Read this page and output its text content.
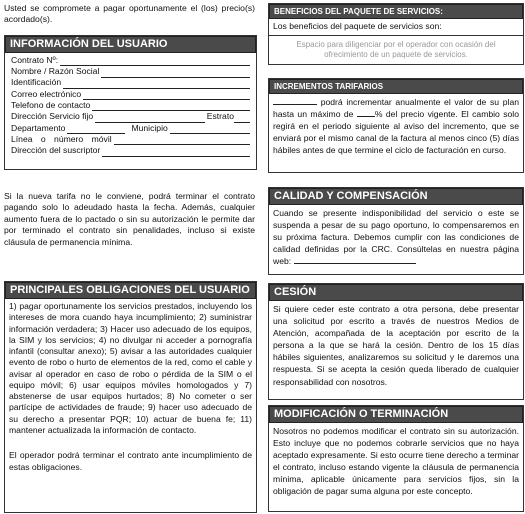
Usted se compromete a pagar oportunamente el (los) precio(s) acordado(s).
INFORMACIÓN DEL USUARIO
Contrato Nº:
Nombre / Razón Social
Identificación
Correo electrónico
Telefono de contacto
Dirección Servicio fijo	Estrato
Departamento	Municipio
Línea o número móvil
Dirección del suscriptor
Si la nueva tarifa no le conviene, podrá terminar el contrato pagando solo lo adeudado hasta la fecha. Además, cualquier aumento fuera de lo pactado o sin su autorización le permite dar por terminado el contrato sin penalidades, incluso si existe cláusula de permanencia mínima.
PRINCIPALES OBLIGACIONES DEL USUARIO
1) pagar oportunamente los servicios prestados, incluyendo los intereses de mora cuando haya incumplimiento; 2) suministrar información verdadera; 3) Hacer uso adecuado de los equipos, la SIM y los servicios; 4) no divulgar ni acceder a pornografía infantil (consultar anexo); 5) avisar a las autoridades cualquier evento de robo o hurto de elementos de la red, como el cable y avisar al operador en caso de robo o pérdida de la SIM o el equipo móvil; 6) usar equipos móviles homologados y 7) abstenerse de usar equipos hurtados; 8) No cometer o ser partícipe de actividades de fraude; 9) hacer uso adecuado de su derecho a presentar PQR; 10) actuar de buena fe; 11) mantener actualizada la información de contacto.
El operador podrá terminar el contrato ante incumplimiento de estas obligaciones.
BENEFICIOS DEL PAQUETE DE SERVICIOS:
Los beneficios del paquete de servicios son:
Espacio para diligenciar por el operador con ocasión del ofrecimiento de un paquete de servicios.
INCREMENTOS TARIFARIOS
podrá incrementar anualmente el valor de su plan hasta un máximo de % del precio vigente. El cambio solo regirá en el periodo siguiente al aviso del incremento, que se enviará por el mismo canal de la factura al menos cinco (5) días hábiles antes de que termine el ciclo de facturación en curso.
CALIDAD Y COMPENSACIÓN
Cuando se presente indisponibilidad del servicio o este se suspenda a pesar de su pago oportuno, lo compensaremos en su próxima factura. Debemos cumplir con las condiciones de calidad definidas por la CRC. Consúltelas en nuestra página web:
CESIÓN
Si quiere ceder este contrato a otra persona, debe presentar una solicitud por escrito a través de nuestros Medios de Atención, acompañada de la aceptación por escrito de la persona a la que se hará la cesión. Dentro de los 15 días hábiles siguientes, analizaremos su solicitud y le daremos una respuesta. Si se acepta la cesión queda liberado de cualquier responsabilidad con nosotros.
MODIFICACIÓN O TERMINACIÓN
Nosotros no podemos modificar el contrato sin su autorización. Esto incluye que no podemos cobrarle servicios que no haya aceptado expresamente. Si esto ocurre tiene derecho a terminar el contrato, incluso estando vigente la cláusula de permanencia mínima, aplicable únicamente para servicios fijos, sin la obligación de pagar suma alguna por este concepto.
